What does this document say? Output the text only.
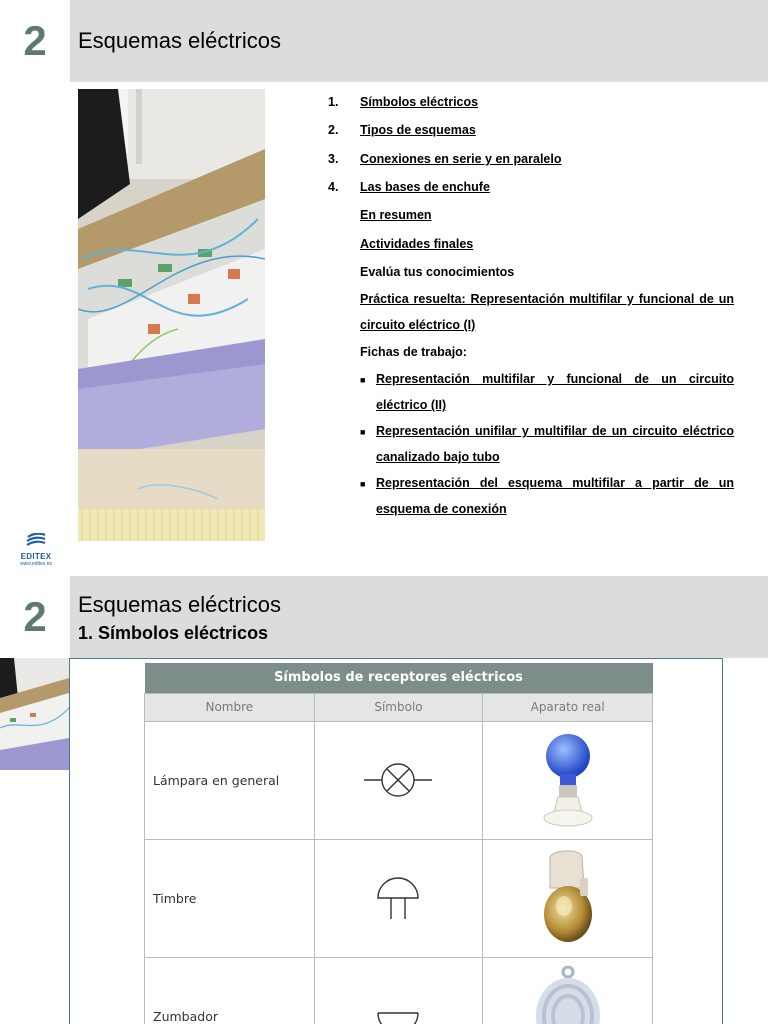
2	Esquemas eléctricos
1.	Símbolos eléctricos
2.	Tipos de esquemas
3.	Conexiones en serie y en paralelo
4.	Las bases de enchufe
En resumen
Actividades finales
Evalúa tus conocimientos
Práctica resuelta: Representación multifilar y funcional de un circuito eléctrico (I)
Fichas de trabajo:
■ Representación multifilar y funcional de un circuito eléctrico (II)
■ Representación unifilar y multifilar de un circuito eléctrico canalizado bajo tubo
■ Representación del esquema multifilar a partir de un esquema de conexión
EDITEX
www.editex.es
2	Esquemas eléctricos
1. Símbolos eléctricos
Símbolos de receptores eléctricos		
Nombre	Símbolo	Aparato real
Lámpara en general	

Timbre	

Zumbador	
